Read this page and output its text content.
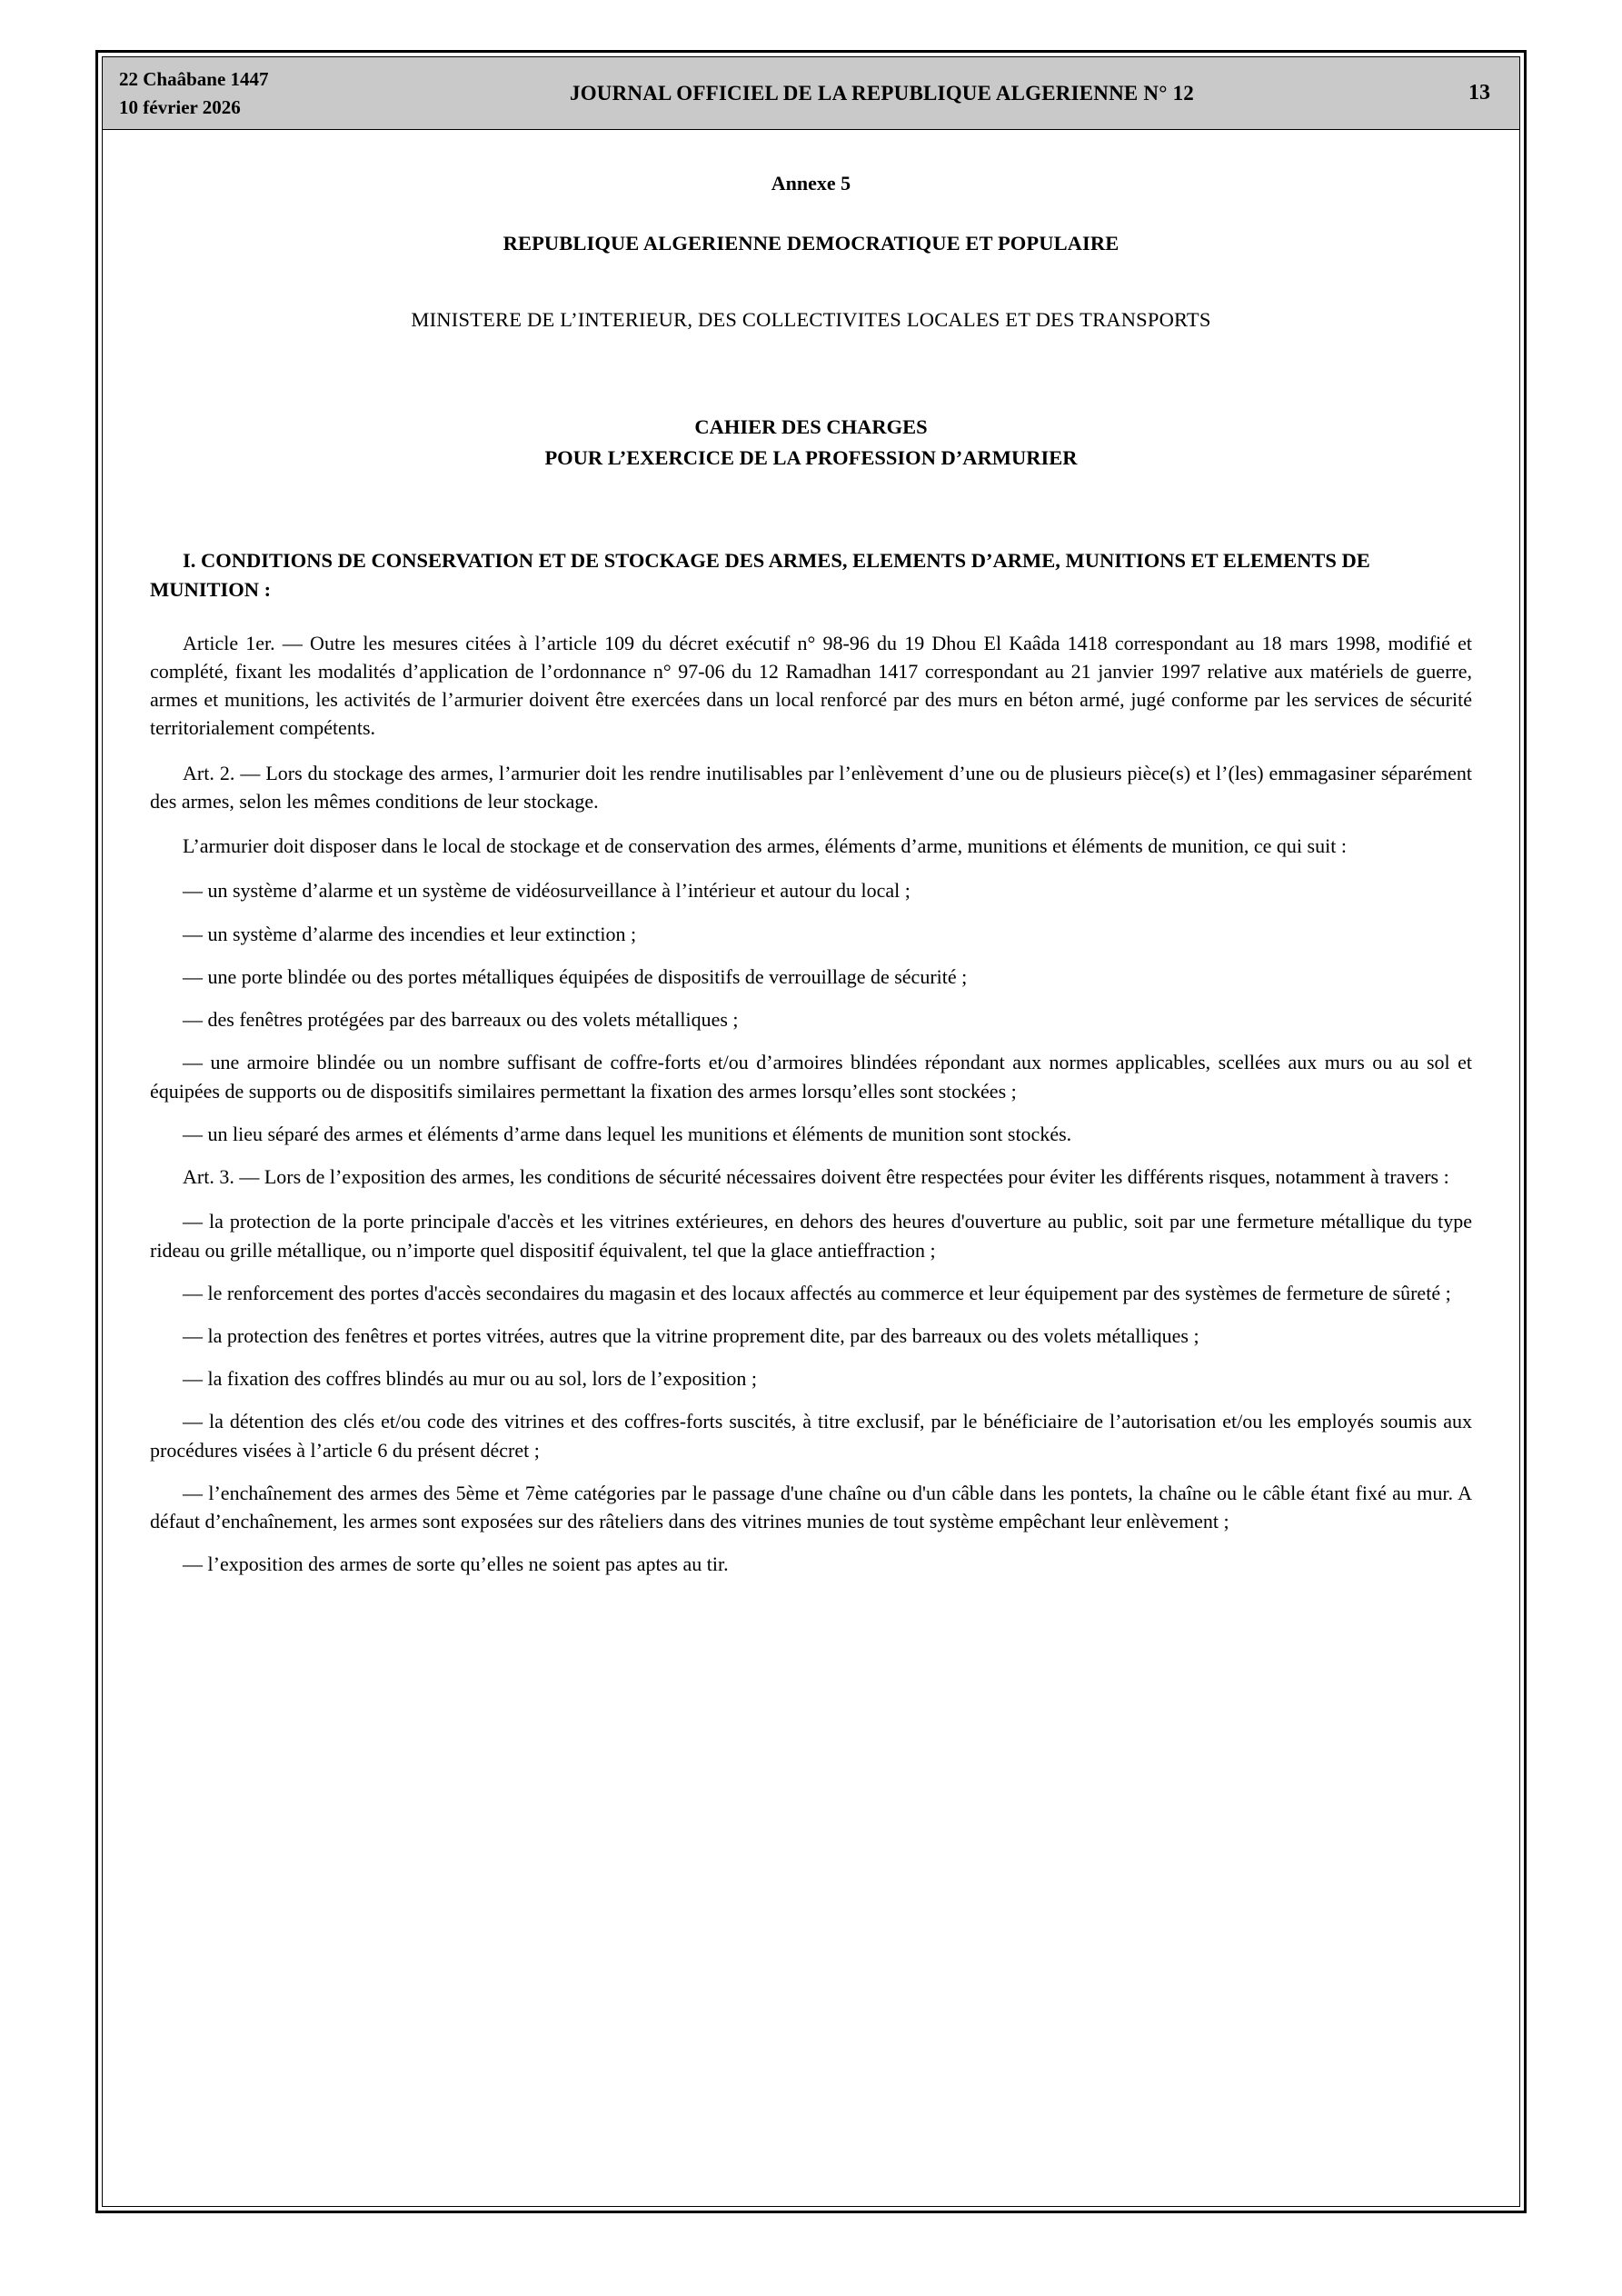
22 Chaâbane 1447
10 février 2026
JOURNAL OFFICIEL DE LA REPUBLIQUE ALGERIENNE N° 12	13
Annexe 5
REPUBLIQUE ALGERIENNE DEMOCRATIQUE ET POPULAIRE
MINISTERE DE L’INTERIEUR, DES COLLECTIVITES LOCALES ET DES TRANSPORTS
CAHIER DES CHARGES
POUR L’EXERCICE DE LA PROFESSION D’ARMURIER
I. CONDITIONS DE CONSERVATION ET DE STOCKAGE DES ARMES, ELEMENTS D’ARME, MUNITIONS ET ELEMENTS DE MUNITION :

Article 1er. — Outre les mesures citées à l’article 109 du décret exécutif n° 98-96 du 19 Dhou El Kaâda 1418 correspondant au 18 mars 1998, modifié et complété, fixant les modalités d’application de l’ordonnance n° 97-06 du 12 Ramadhan 1417 correspondant au 21 janvier 1997 relative aux matériels de guerre, armes et munitions, les activités de l’armurier doivent être exercées dans un local renforcé par des murs en béton armé, jugé conforme par les services de sécurité territorialement compétents.

Art. 2. — Lors du stockage des armes, l’armurier doit les rendre inutilisables par l’enlèvement d’une ou de plusieurs pièce(s) et l’(les) emmagasiner séparément des armes, selon les mêmes conditions de leur stockage.

L’armurier doit disposer dans le local de stockage et de conservation des armes, éléments d’arme, munitions et éléments de munition, ce qui suit :

— un système d’alarme et un système de vidéosurveillance à l’intérieur et autour du local ;

— un système d’alarme des incendies et leur extinction ;

— une porte blindée ou des portes métalliques équipées de dispositifs de verrouillage de sécurité ;

— des fenêtres protégées par des barreaux ou des volets métalliques ;

— une armoire blindée ou un nombre suffisant de coffre-forts et/ou d’armoires blindées répondant aux normes applicables, scellées aux murs ou au sol et équipées de supports ou de dispositifs similaires permettant la fixation des armes lorsqu’elles sont stockées ;

— un lieu séparé des armes et éléments d’arme dans lequel les munitions et éléments de munition sont stockés.

Art. 3. — Lors de l’exposition des armes, les conditions de sécurité nécessaires doivent être respectées pour éviter les différents risques, notamment à travers :

— la protection de la porte principale d'accès et les vitrines extérieures, en dehors des heures d'ouverture au public, soit par une fermeture métallique du type rideau ou grille métallique, ou n’importe quel dispositif équivalent, tel que la glace antieffraction ;

— le renforcement des portes d'accès secondaires du magasin et des locaux affectés au commerce et leur équipement par des systèmes de fermeture de sûreté ;

— la protection des fenêtres et portes vitrées, autres que la vitrine proprement dite, par des barreaux ou des volets métalliques ;

— la fixation des coffres blindés au mur ou au sol, lors de l’exposition ;

— la détention des clés et/ou code des vitrines et des coffres-forts suscités, à titre exclusif, par le bénéficiaire de l’autorisation et/ou les employés soumis aux procédures visées à l’article 6 du présent décret ;

— l’enchaînement des armes des 5ème et 7ème catégories par le passage d'une chaîne ou d'un câble dans les pontets, la chaîne ou le câble étant fixé au mur. A défaut d’enchaînement, les armes sont exposées sur des râteliers dans des vitrines munies de tout système empêchant leur enlèvement ;

— l’exposition des armes de sorte qu’elles ne soient pas aptes au tir.
